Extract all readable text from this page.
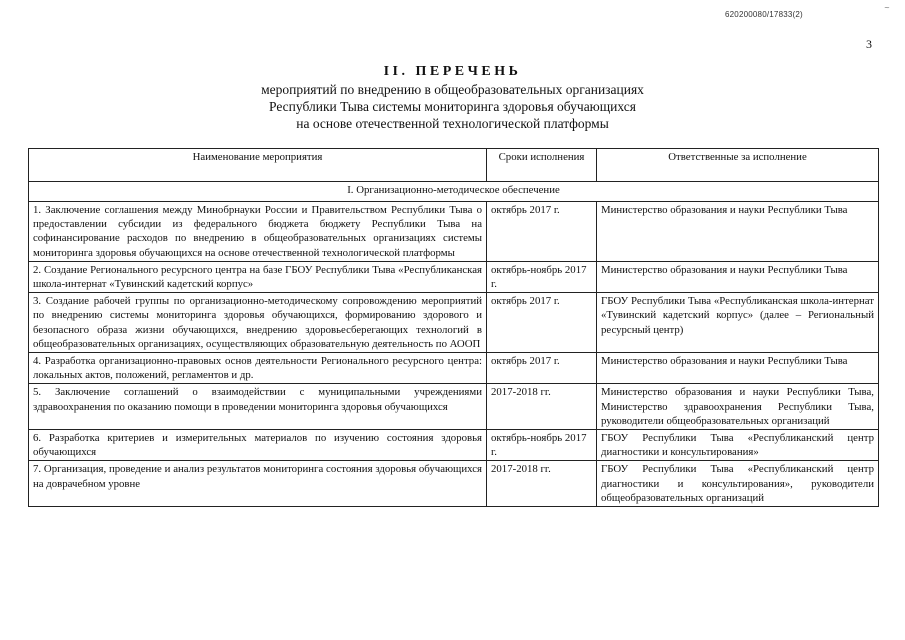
620200080/17833(2)
~
3
II. ПЕРЕЧЕНЬ
мероприятий по внедрению в общеобразовательных организациях
Республики Тыва системы мониторинга здоровья обучающихся
на основе отечественной технологической платформы
Наименование мероприятия	Сроки исполнения	Ответственные за исполнение
I. Организационно-методическое обеспечение		
1. Заключение соглашения между Минобрнауки России и Правительством Республики Тыва о предоставлении субсидии из федерального бюджета бюджету Республики Тыва на софинансирование расходов по внедрению в общеобразовательных организациях системы мониторинга здоровья обучающихся на основе отечественной технологической платформы	октябрь 2017 г.	Министерство образования и науки Республики Тыва
2. Создание Регионального ресурсного центра на базе ГБОУ Республики Тыва «Республиканская школа-интернат «Тувинский кадетский корпус»	октябрь-ноябрь 2017 г.	Министерство образования и науки Республики Тыва
3. Создание рабочей группы по организационно-методическому сопровождению мероприятий по внедрению системы мониторинга здоровья обучающихся, формированию здорового и безопасного образа жизни обучающихся, внедрению здоровьесберегающих технологий в общеобразовательных организациях, осуществляющих образовательную деятельность по АООП	октябрь 2017 г.	ГБОУ Республики Тыва «Республиканская школа-интернат «Тувинский кадетский корпус» (далее – Региональный ресурсный центр)
4. Разработка организационно-правовых основ деятельности Регионального ресурсного центра: локальных актов, положений, регламентов и др.	октябрь 2017 г.	Министерство образования и науки Республики Тыва
5. Заключение соглашений о взаимодействии с муниципальными учреждениями здравоохранения по оказанию помощи в проведении мониторинга здоровья обучающихся	2017-2018 гг.	Министерство образования и науки Республики Тыва, Министерство здравоохранения Республики Тыва, руководители общеобразовательных организаций
6. Разработка критериев и измерительных материалов по изучению состояния здоровья обучающихся	октябрь-ноябрь 2017 г.	ГБОУ Республики Тыва «Республиканский центр диагностики и консультирования»
7. Организация, проведение и анализ результатов мониторинга состояния здоровья обучающихся на доврачебном уровне	2017-2018 гг.	ГБОУ Республики Тыва «Республиканский центр диагностики и консультирования», руководители общеобразовательных организаций
